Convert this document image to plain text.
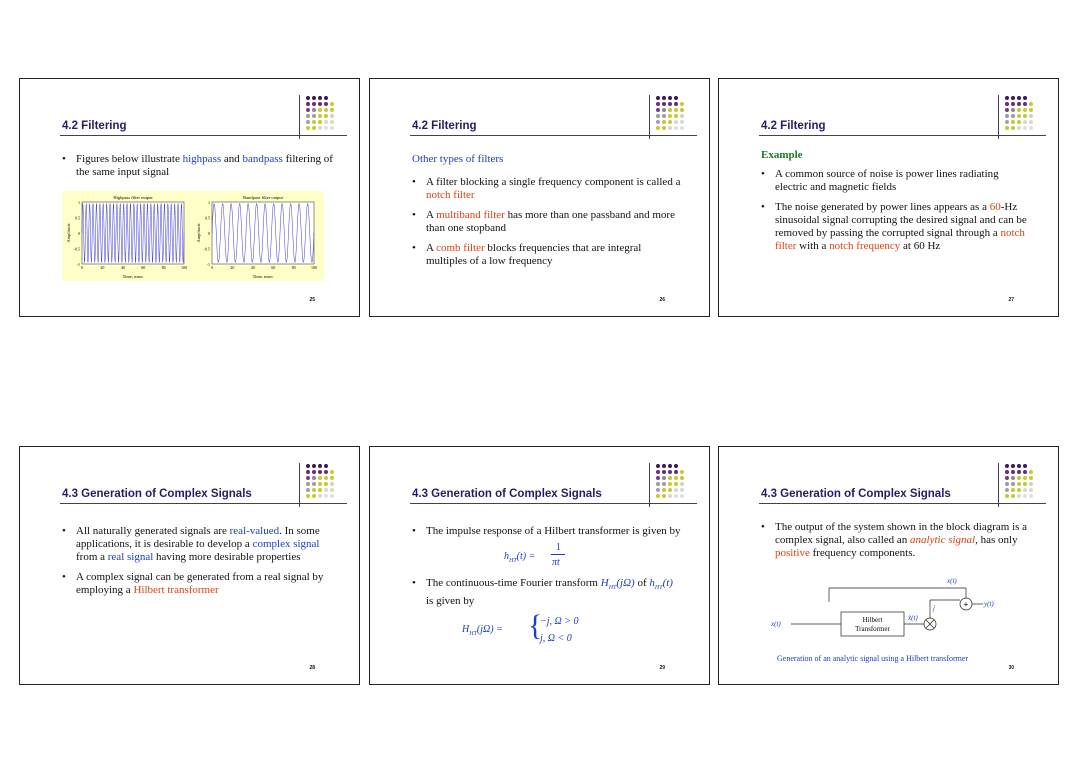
4.2 Filtering
• Figures below illustrate highpass and bandpass filtering of the same input signal
Highpass filter output
Amplitude
Time, msec
0	20	40	60	80	100
1
0.5
0
-0.5
-1
Bandpass filter output
Amplitude
Time, msec
0	20	40	60	80	100
1
0.5
0
-0.5
-1
25
4.2 Filtering
Other types of filters
• A filter blocking a single frequency component is called a notch filter
• A multiband filter has more than one passband and more than one stopband
• A comb filter blocks frequencies that are integral multiples of a low frequency
26
4.2 Filtering
Example
• A common source of noise is power lines radiating electric and magnetic fields
• The noise generated by power lines appears as a 60-Hz sinusoidal signal corrupting the desired signal and can be removed by passing the corrupted signal through a notch filter with a notch frequency at 60 Hz
27
4.3 Generation of Complex Signals
• All naturally generated signals are real-valued. In some applications, it is desirable to develop a complex signal from a real signal having more desirable properties
• A complex signal can be generated from a real signal by employing a Hilbert transformer
28
4.3 Generation of Complex Signals
• The impulse response of a Hilbert transformer is given by
$h_{HT}(t)$ =
1
πt
• The continuous-time Fourier transform $H_{HT}(j\Omega)$ of $h_{HT}(t)$ is given by
$H_{HT}(j\Omega)$ = {
−j, Ω > 0
j, Ω < 0
29
4.3 Generation of Complex Signals
• The output of the system shown in the block diagram is a complex signal, also called an analytic signal, has only positive frequency components.
x(t)
x(t)	Hilbert
Transformer
x̂(t)
j	+ y(t)
Generation of an analytic signal using a Hilbert transformer
30
